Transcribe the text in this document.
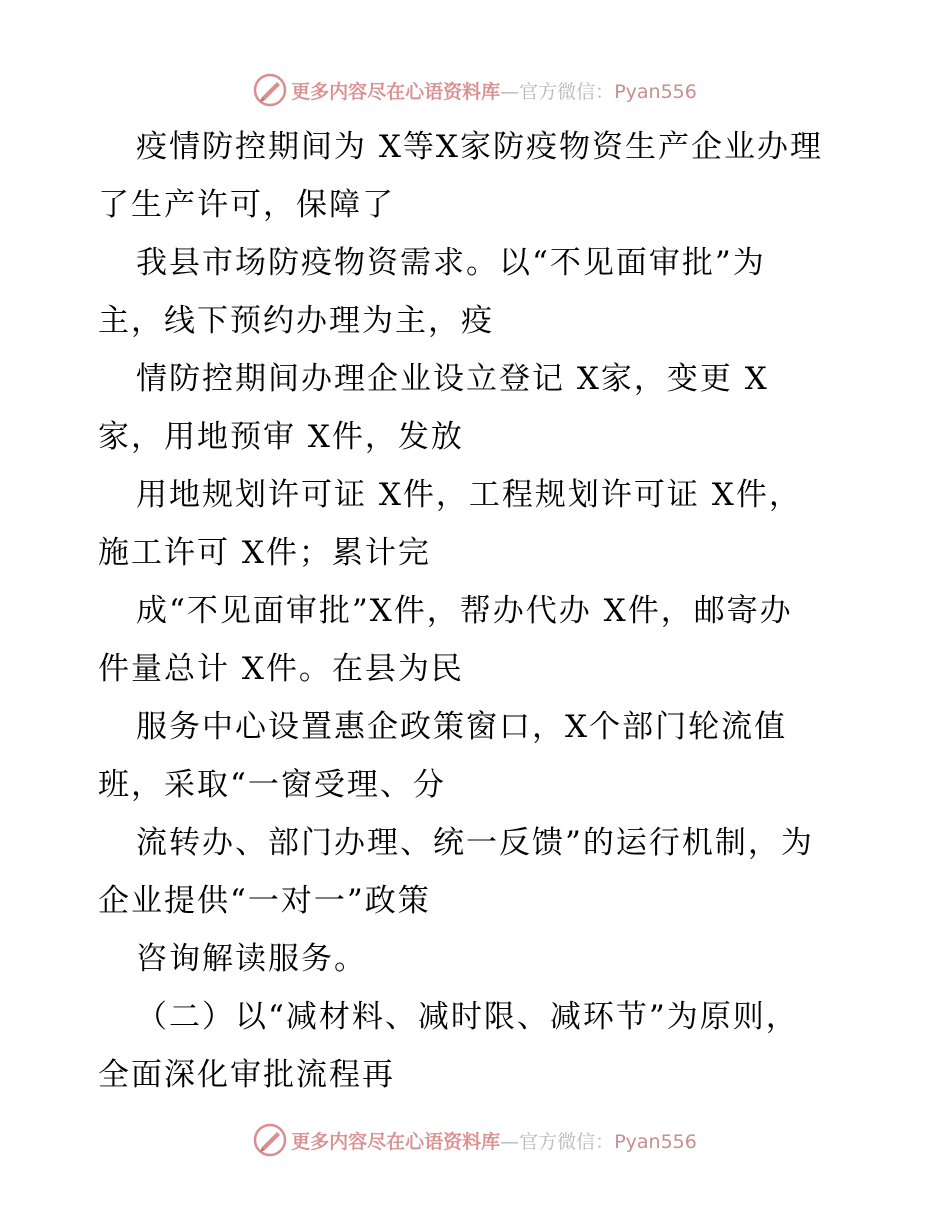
更多内容尽在心语资料库—官方微信：Pyan556
疫情防控期间为 X等X家防疫物资生产企业办理
了生产许可，保障了
我县市场防疫物资需求。以“不见面审批”为
主，线下预约办理为主，疫
情防控期间办理企业设立登记 X家，变更 X
家，用地预审 X件，发放
用地规划许可证 X件，工程规划许可证 X件，
施工许可 X件；累计完
成“不见面审批”X件，帮办代办 X件，邮寄办
件量总计 X件。在县为民
服务中心设置惠企政策窗口，X个部门轮流值
班，采取“一窗受理、分
流转办、部门办理、统一反馈”的运行机制，为
企业提供“一对一”政策
咨询解读服务。
（二）以“减材料、减时限、减环节”为原则，
全面深化审批流程再
更多内容尽在心语资料库—官方微信：Pyan556
